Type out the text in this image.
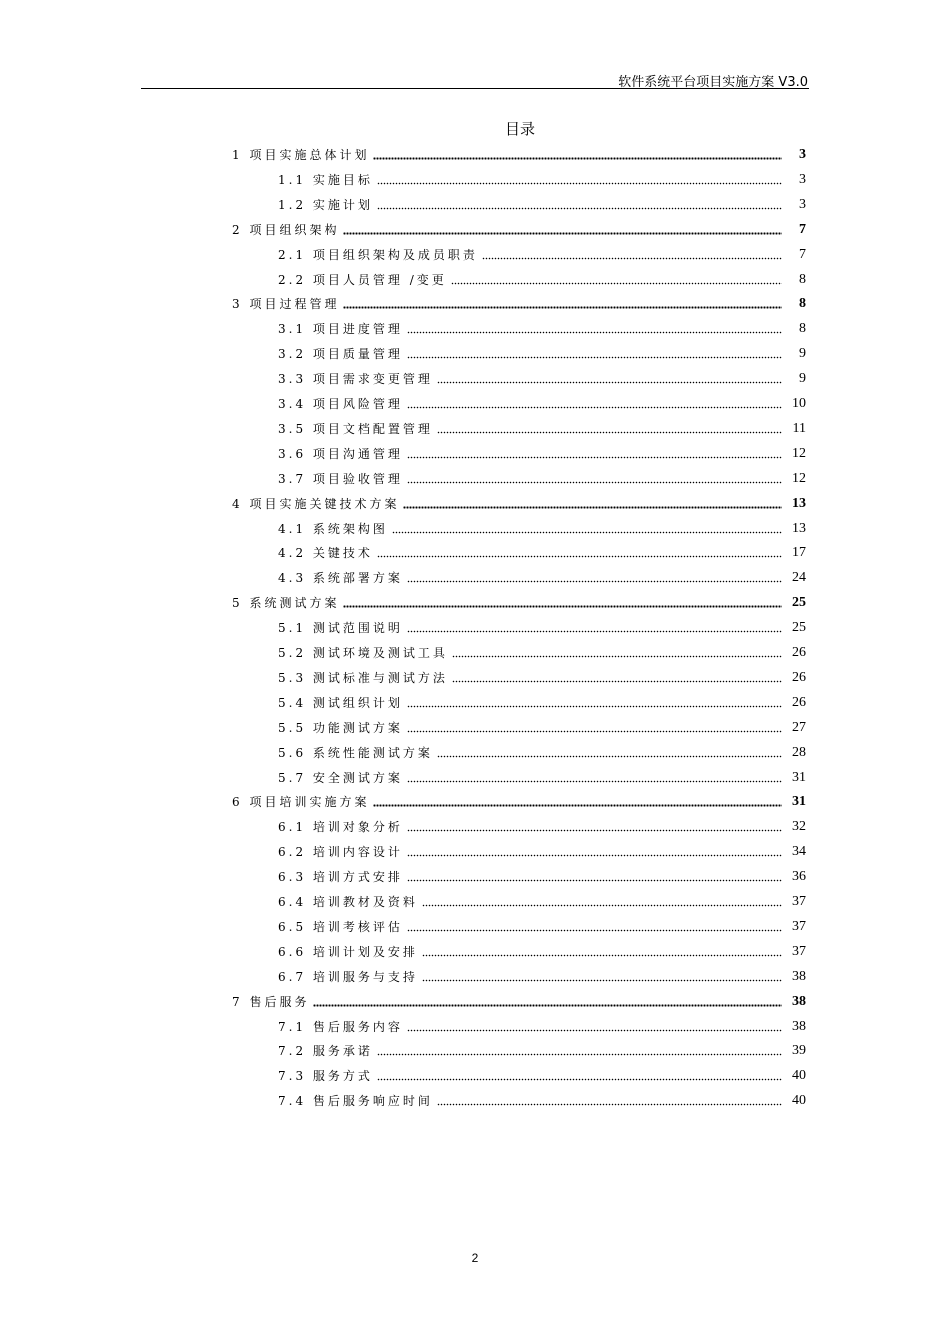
软件系统平台项目实施方案 V3.0
目录
1 项目实施总体计划	3
1.1 实施目标	3
1.2 实施计划	3
2 项目组织架构	7
2.1 项目组织架构及成员职责	7
2.2 项目人员管理 /变更	8
3 项目过程管理	8
3.1 项目进度管理	8
3.2 项目质量管理	9
3.3 项目需求变更管理	9
3.4 项目风险管理	10
3.5 项目文档配置管理	11
3.6 项目沟通管理	12
3.7 项目验收管理	12
4 项目实施关键技术方案	13
4.1 系统架构图	13
4.2 关键技术	17
4.3 系统部署方案	24
5 系统测试方案	25
5.1 测试范围说明	25
5.2 测试环境及测试工具	26
5.3 测试标准与测试方法	26
5.4 测试组织计划	26
5.5 功能测试方案	27
5.6 系统性能测试方案	28
5.7 安全测试方案	31
6 项目培训实施方案	31
6.1 培训对象分析	32
6.2 培训内容设计	34
6.3 培训方式安排	36
6.4 培训教材及资料	37
6.5 培训考核评估	37
6.6 培训计划及安排	37
6.7 培训服务与支持	38
7 售后服务	38
7.1 售后服务内容	38
7.2 服务承诺	39
7.3 服务方式	40
7.4 售后服务响应时间	40
2
